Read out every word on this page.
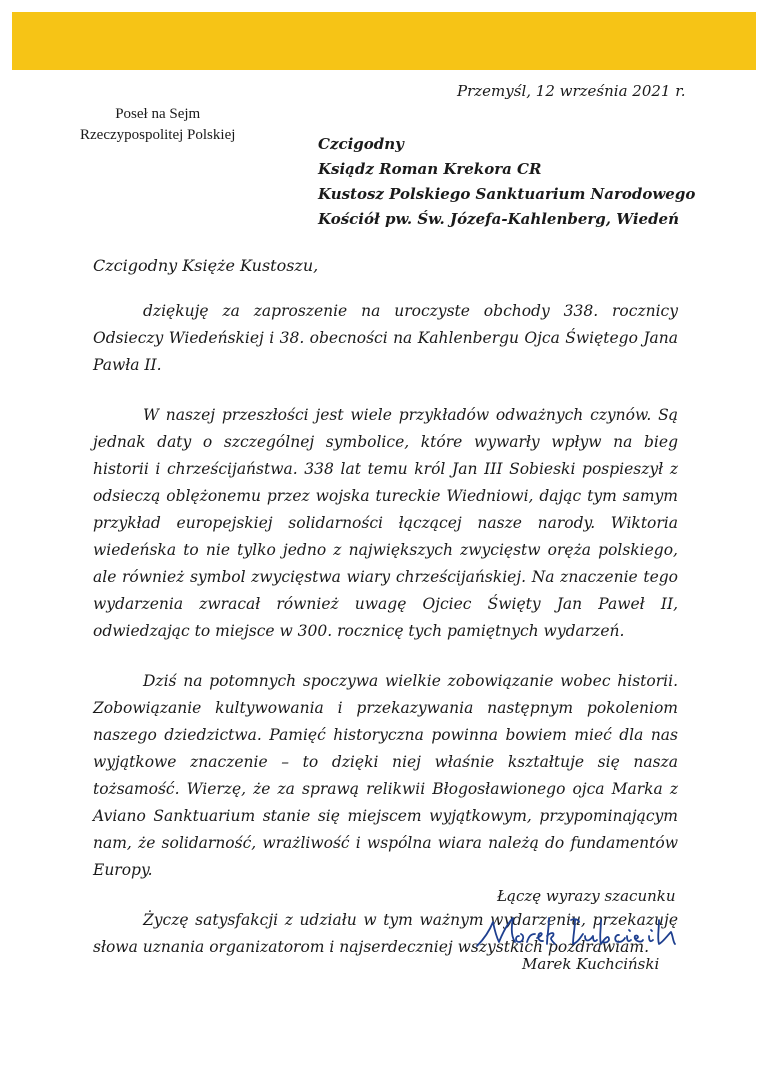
Przemyśl, 12 września 2021 r.
Poseł na Sejm
Rzeczypospolitej Polskiej	Czcigodny
Ksiądz Roman Krekora CR
Kustosz Polskiego Sanktuarium Narodowego
Kościół pw. Św. Józefa-Kahlenberg, Wiedeń
Czcigodny Księże Kustoszu,

dziękuję za zaproszenie na uroczyste obchody 338. rocznicy Odsieczy Wiedeńskiej i 38. obecności na Kahlenbergu Ojca Świętego Jana Pawła II.

W naszej przeszłości jest wiele przykładów odważnych czynów. Są jednak daty o szczególnej symbolice, które wywarły wpływ na bieg historii i chrześcijaństwa. 338 lat temu król Jan III Sobieski pospieszył z odsieczą oblężonemu przez wojska tureckie Wiedniowi, dając tym samym przykład europejskiej solidarności łączącej nasze narody. Wiktoria wiedeńska to nie tylko jedno z największych zwycięstw oręża polskiego, ale również symbol zwycięstwa wiary chrześcijańskiej. Na znaczenie tego wydarzenia zwracał również uwagę Ojciec Święty Jan Paweł II, odwiedzając to miejsce w 300. rocznicę tych pamiętnych wydarzeń.

Dziś na potomnych spoczywa wielkie zobowiązanie wobec historii. Zobowiązanie kultywowania i przekazywania następnym pokoleniom naszego dziedzictwa. Pamięć historyczna powinna bowiem mieć dla nas wyjątkowe znaczenie – to dzięki niej właśnie kształtuje się nasza tożsamość. Wierzę, że za sprawą relikwii Błogosławionego ojca Marka z Aviano Sanktuarium stanie się miejscem wyjątkowym, przypominającym nam, że solidarność, wrażliwość i wspólna wiara należą do fundamentów Europy.

Życzę satysfakcji z udziału w tym ważnym wydarzeniu, przekazuję słowa uznania organizatorom i najserdeczniej wszystkich pozdrawiam.

Łączę wyrazy szacunku
Marek Kuchciński
